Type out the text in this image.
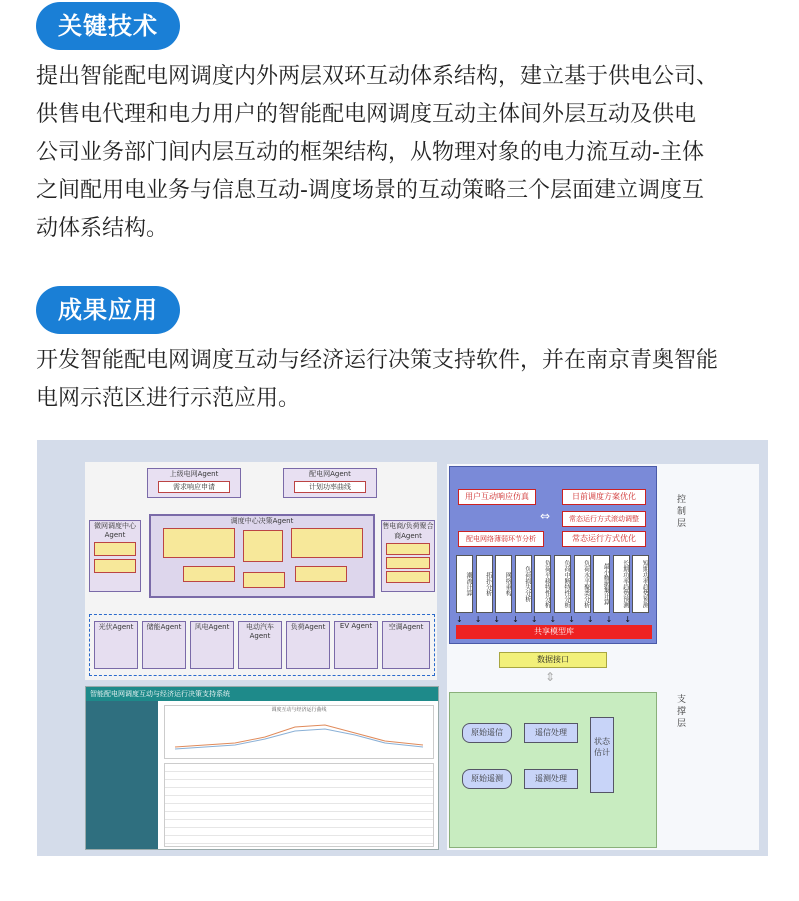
关键技术

提出智能配电网调度内外两层双环互动体系结构，建立基于供电公司、
供售电代理和电力用户的智能配电网调度互动主体间外层互动及供电
公司业务部门间内层互动的框架结构，从物理对象的电力流互动-主体
之间配用电业务与信息互动-调度场景的互动策略三个层面建立调度互
动体系结构。

成果应用

开发智能配电网调度互动与经济运行决策支持软件，并在南京青奥智能
电网示范区进行示范应用。

上级电网Agent
需求响应申请
配电网Agent
计划功率曲线
微网调度中心Agent
调度中心决策Agent
售电商/负荷聚合商Agent
光伏Agent	储能Agent	风电Agent	电动汽车Agent
负荷Agent	EV Agent	空调Agent
智能配电网调度互动与经济运行决策支持系统
调度互动与经济运行曲线
用户互动响应仿真	日前调度方案优化
常态运行方式滚动调整
配电网络薄弱环节分析	常态运行方式优化
⇔
潮流计算	拓扑分析	网络重构	负荷损失分析	负荷平移特性分析	负荷中断特性分析	负荷水平聚类分析	最小数据集计算	长期功率趋势预测	短期功率趋势预测
↓↓↓↓↓↓↓↓↓↓
共享模型库
控制层
数据接口
⇕
原始遥信	遥信处理
原始遥测	遥测处理
状态估计
支撑层
